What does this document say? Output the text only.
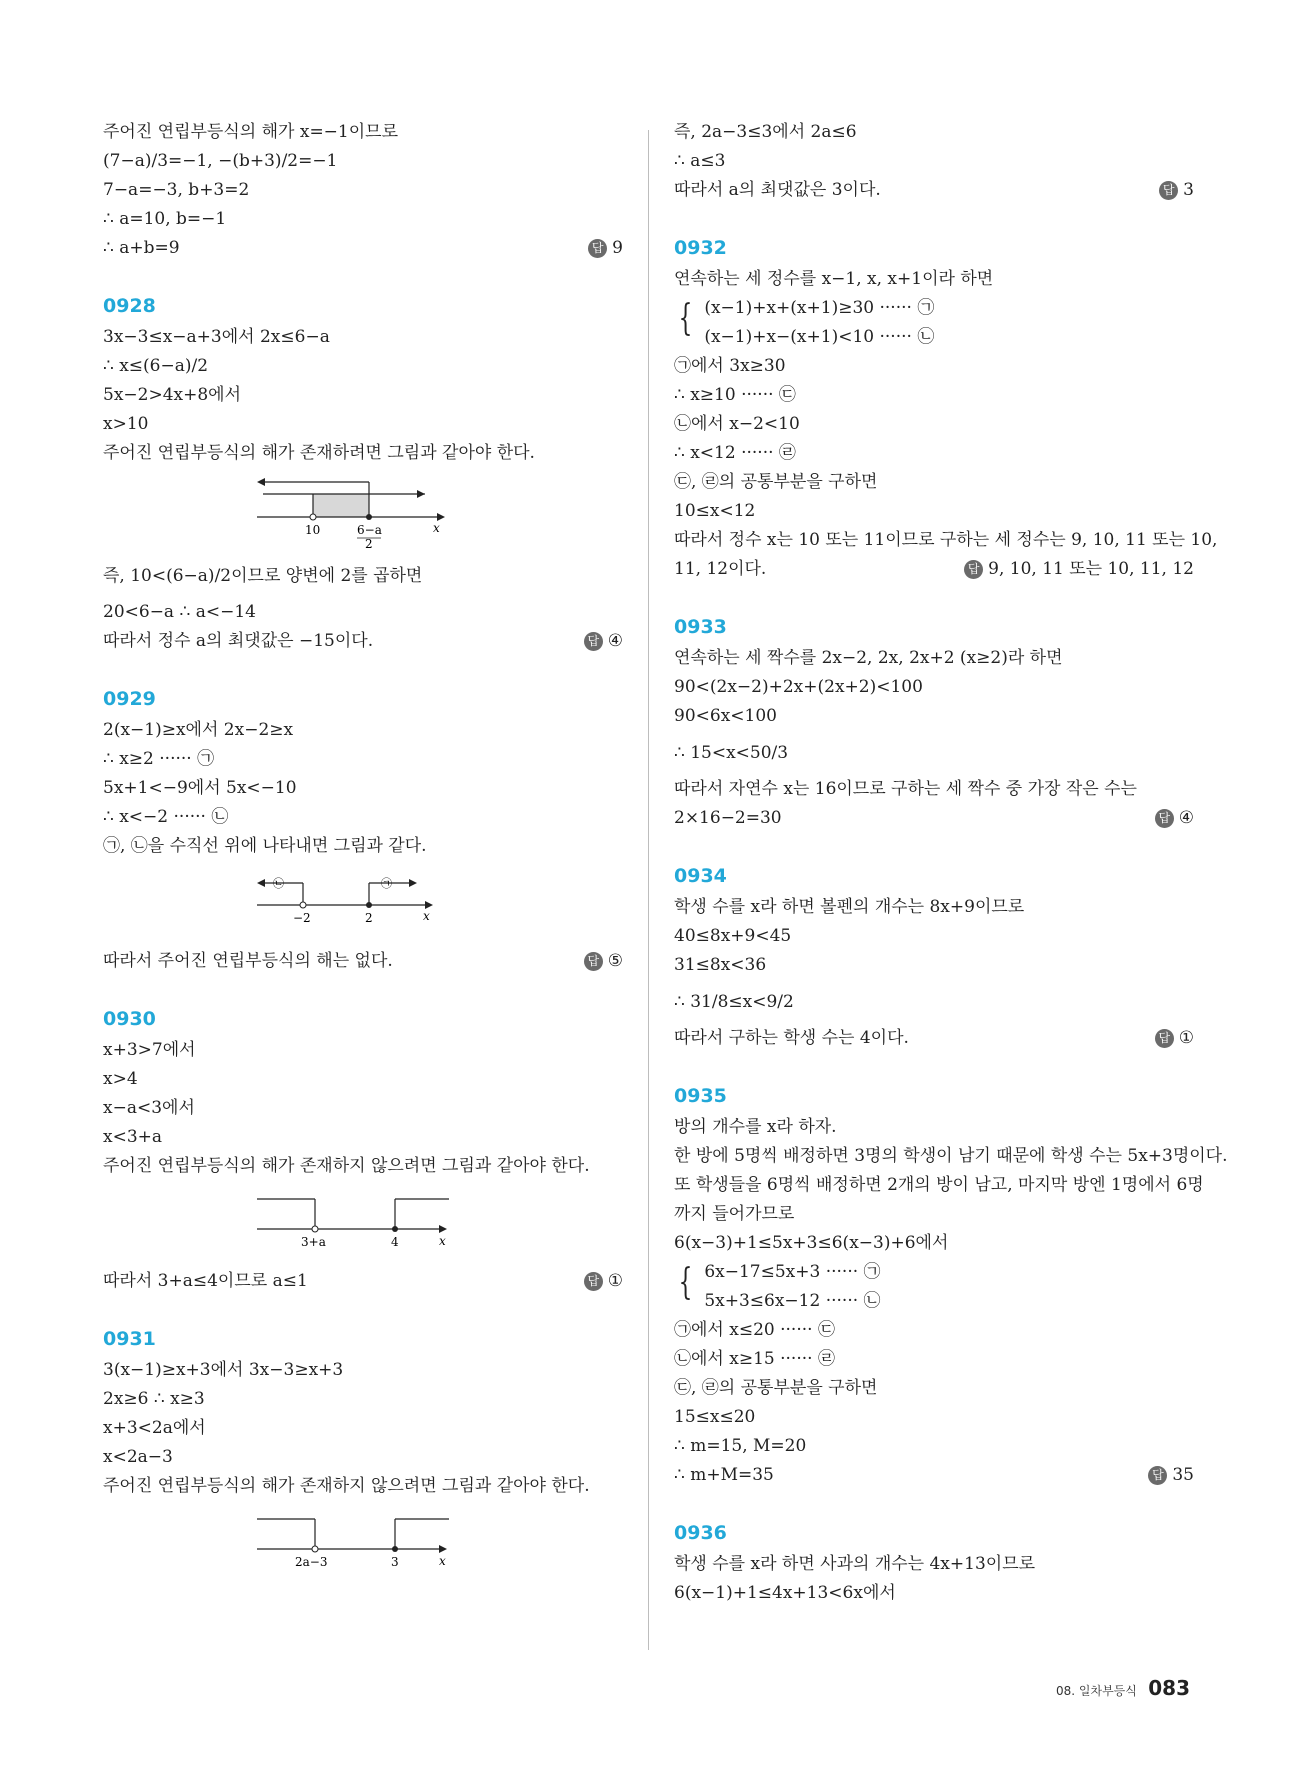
주어진 연립부등식의 해가 x=−1이므로
(7−a)/3=−1, −(b+3)/2=−1
7−a=−3, b+3=2
∴ a=10, b=−1
∴ a+b=9	답 9
0928
3x−3≤x−a+3에서 2x≤6−a
∴ x≤(6−a)/2
5x−2>4x+8에서
x>10
주어진 연립부등식의 해가 존재하려면 그림과 같아야 한다.
10	6−a
2
x
즉, 10<(6−a)/2이므로 양변에 2를 곱하면
20<6−a ∴ a<−14
따라서 정수 a의 최댓값은 −15이다.	답 ④
0929
2(x−1)≥x에서 2x−2≥x
∴ x≥2 ······ ㉠
5x+1<−9에서 5x<−10
∴ x<−2 ······ ㉡
㉠, ㉡을 수직선 위에 나타내면 그림과 같다.
㉡	㉠
−2	2	x
따라서 주어진 연립부등식의 해는 없다.	답 ⑤
0930
x+3>7에서
x>4
x−a<3에서
x<3+a
주어진 연립부등식의 해가 존재하지 않으려면 그림과 같아야 한다.
3+a	4	x
따라서 3+a≤4이므로 a≤1	답 ①
0931
3(x−1)≥x+3에서 3x−3≥x+3
2x≥6 ∴ x≥3
x+3<2a에서
x<2a−3
주어진 연립부등식의 해가 존재하지 않으려면 그림과 같아야 한다.
2a−3	3	x
즉, 2a−3≤3에서 2a≤6
∴ a≤3
따라서 a의 최댓값은 3이다.	답 3
0932
연속하는 세 정수를 x−1, x, x+1이라 하면
{ (x−1)+x+(x+1)≥30 ······ ㉠
(x−1)+x−(x+1)<10 ······ ㉡
㉠에서 3x≥30
∴ x≥10 ······ ㉢
㉡에서 x−2<10
∴ x<12 ······ ㉣
㉢, ㉣의 공통부분을 구하면
10≤x<12
따라서 정수 x는 10 또는 11이므로 구하는 세 정수는 9, 10, 11 또는 10,
11, 12이다.	답 9, 10, 11 또는 10, 11, 12
0933
연속하는 세 짝수를 2x−2, 2x, 2x+2 (x≥2)라 하면
90<(2x−2)+2x+(2x+2)<100
90<6x<100
∴ 15<x<50/3
따라서 자연수 x는 16이므로 구하는 세 짝수 중 가장 작은 수는
2×16−2=30	답 ④
0934
학생 수를 x라 하면 볼펜의 개수는 8x+9이므로
40≤8x+9<45
31≤8x<36
∴ 31/8≤x<9/2
따라서 구하는 학생 수는 4이다.	답 ①
0935
방의 개수를 x라 하자.
한 방에 5명씩 배정하면 3명의 학생이 남기 때문에 학생 수는 5x+3명이다.
또 학생들을 6명씩 배정하면 2개의 방이 남고, 마지막 방엔 1명에서 6명
까지 들어가므로
6(x−3)+1≤5x+3≤6(x−3)+6에서
{ 6x−17≤5x+3 ······ ㉠
5x+3≤6x−12 ······ ㉡
㉠에서 x≤20 ······ ㉢
㉡에서 x≥15 ······ ㉣
㉢, ㉣의 공통부분을 구하면
15≤x≤20
∴ m=15, M=20
∴ m+M=35	답 35
0936
학생 수를 x라 하면 사과의 개수는 4x+13이므로
6(x−1)+1≤4x+13<6x에서
08. 일차부등식 083
